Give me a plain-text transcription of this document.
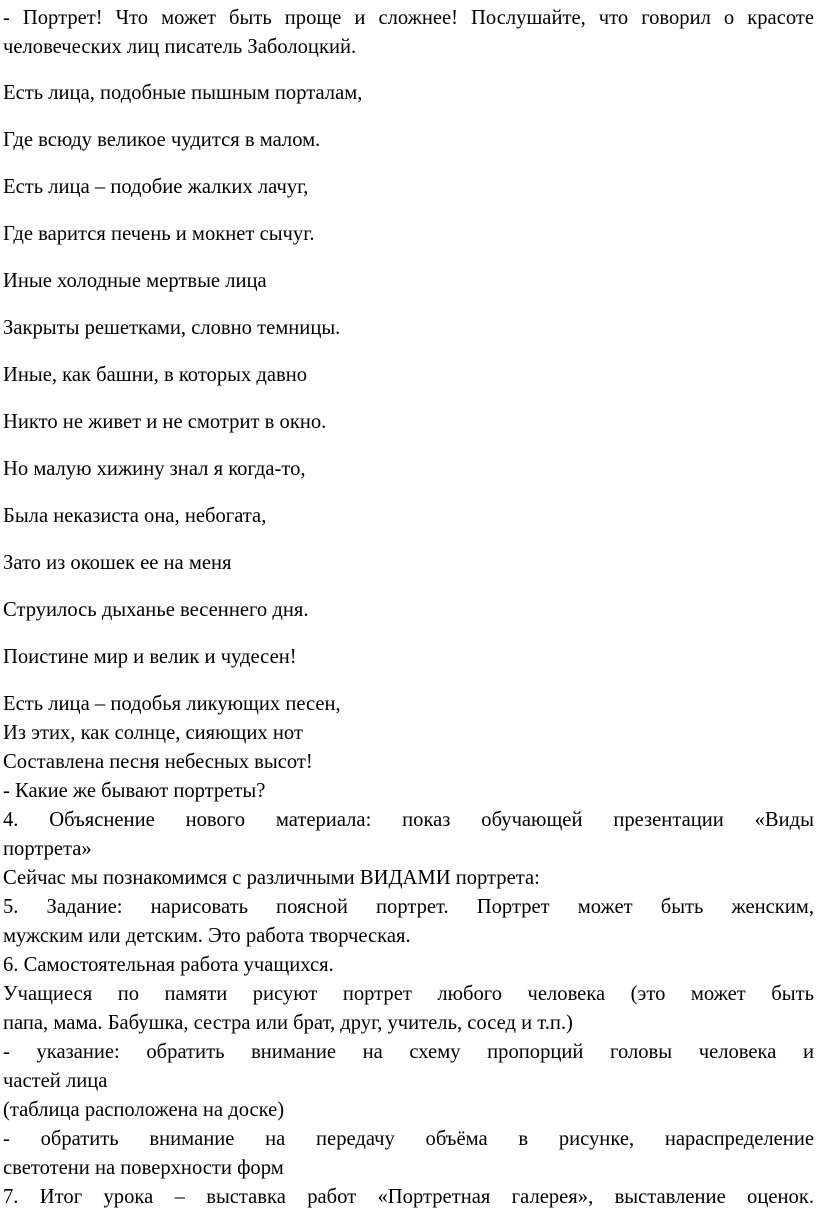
- Портрет! Что может быть проще и сложнее! Послушайте, что говорил о красоте человеческих лиц писатель Заболоцкий.

Есть лица, подобные пышным порталам,
Где всюду великое чудится в малом.
Есть лица – подобие жалких лачуг,
Где варится печень и мокнет сычуг.
Иные холодные мертвые лица
Закрыты решетками, словно темницы.
Иные, как башни, в которых давно
Никто не живет и не смотрит в окно.
Но малую хижину знал я когда-то,
Была неказиста она, небогата,
Зато из окошек ее на меня
Струилось дыханье весеннего дня.
Поистине мир и велик и чудесен!
Есть лица – подобья ликующих песен,
Из этих, как солнце, сияющих нот
Составлена песня небесных высот!
- Какие же бывают портреты?
4. Объяснение нового материала: показ обучающей презентации «Виды
портрета»
Сейчас мы познакомимся с различными ВИДАМИ портрета:
5. Задание: нарисовать поясной портрет. Портрет может быть женским,
мужским или детским. Это работа творческая.
6. Самостоятельная работа учащихся.
Учащиеся по памяти рисуют портрет любого человека (это может быть
папа, мама. Бабушка, сестра или брат, друг, учитель, сосед и т.п.)
- указание: обратить внимание на схему пропорций головы человека и
частей лица
(таблица расположена на доске)
- обратить внимание на передачу объёма в рисунке, нараспределение
светотени на поверхности форм
7. Итог урока – выставка работ «Портретная галерея», выставление оценок.
